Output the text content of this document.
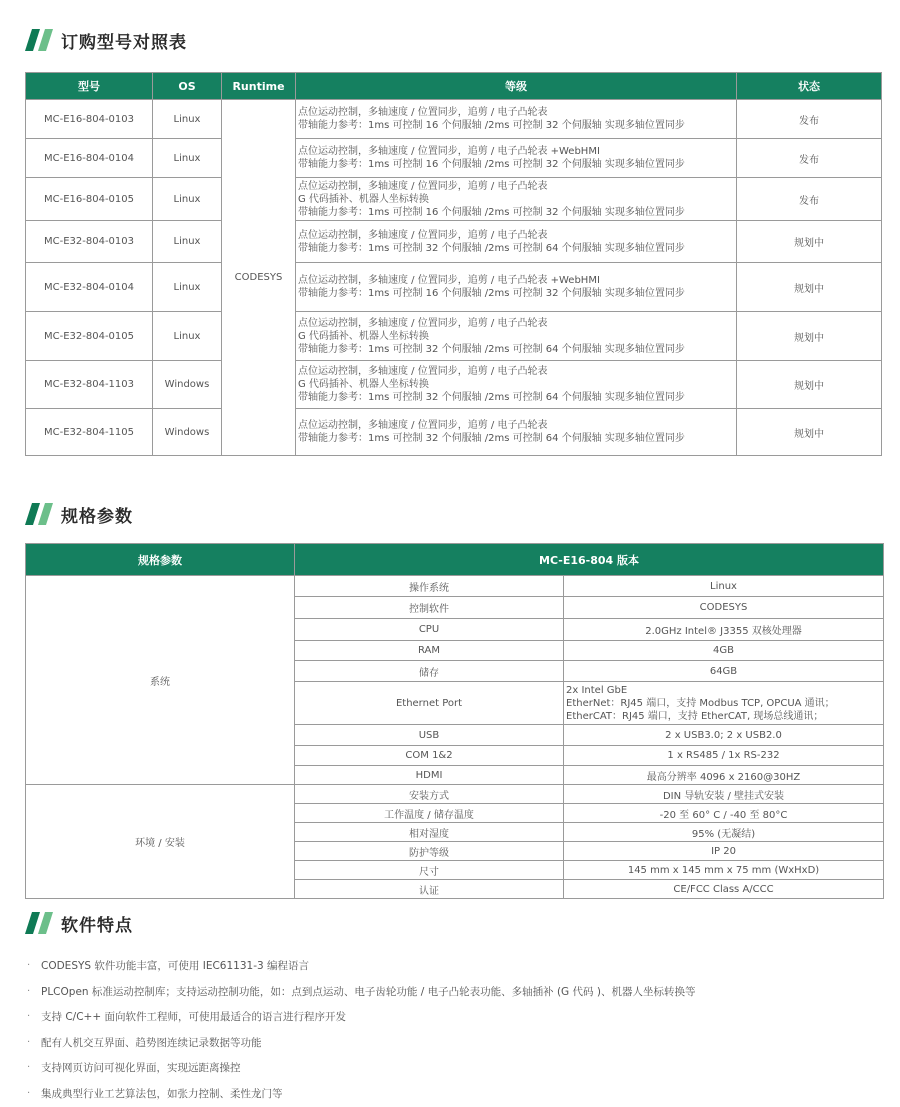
订购型号对照表
型号	OS	Runtime	等级	状态
MC-E16-804-0103	Linux	CODESYS	点位运动控制，多轴速度 / 位置同步，追剪 / 电子凸轮表
带轴能力参考：1ms 可控制 16 个伺服轴 /2ms 可控制 32 个伺服轴 实现多轴位置同步	发布
MC-E16-804-0104	Linux		点位运动控制，多轴速度 / 位置同步，追剪 / 电子凸轮表 +WebHMI
带轴能力参考：1ms 可控制 16 个伺服轴 /2ms 可控制 32 个伺服轴 实现多轴位置同步	发布
MC-E16-804-0105	Linux		点位运动控制，多轴速度 / 位置同步，追剪 / 电子凸轮表
G 代码插补、机器人坐标转换
带轴能力参考：1ms 可控制 16 个伺服轴 /2ms 可控制 32 个伺服轴 实现多轴位置同步	发布
MC-E32-804-0103	Linux		点位运动控制，多轴速度 / 位置同步，追剪 / 电子凸轮表
带轴能力参考：1ms 可控制 32 个伺服轴 /2ms 可控制 64 个伺服轴 实现多轴位置同步	规划中
MC-E32-804-0104	Linux		点位运动控制，多轴速度 / 位置同步，追剪 / 电子凸轮表 +WebHMI
带轴能力参考：1ms 可控制 16 个伺服轴 /2ms 可控制 32 个伺服轴 实现多轴位置同步	规划中
MC-E32-804-0105	Linux		点位运动控制，多轴速度 / 位置同步，追剪 / 电子凸轮表
G 代码插补、机器人坐标转换
带轴能力参考：1ms 可控制 32 个伺服轴 /2ms 可控制 64 个伺服轴 实现多轴位置同步	规划中
MC-E32-804-1103	Windows		点位运动控制，多轴速度 / 位置同步，追剪 / 电子凸轮表
G 代码插补、机器人坐标转换
带轴能力参考：1ms 可控制 32 个伺服轴 /2ms 可控制 64 个伺服轴 实现多轴位置同步	规划中
MC-E32-804-1105	Windows		点位运动控制，多轴速度 / 位置同步，追剪 / 电子凸轮表
带轴能力参考：1ms 可控制 32 个伺服轴 /2ms 可控制 64 个伺服轴 实现多轴位置同步	规划中
规格参数
规格参数	MC-E16-804 版本	
系统	操作系统	Linux

	控制软件	CODESYS

	CPU	2.0GHz Intel® J3355 双核处理器

	RAM	4GB

	储存	64GB

	Ethernet Port	2x Intel GbE
EtherNet：RJ45 端口，支持 Modbus TCP, OPCUA 通讯；
EtherCAT：RJ45 端口，支持 EtherCAT, 现场总线通讯；

	USB	2 x USB3.0; 2 x USB2.0

	COM 1&2	1 x RS485 / 1x RS-232

	HDMI	最高分辨率 4096 x 2160@30HZ

环境 / 安装	安装方式	DIN 导轨安装 / 壁挂式安装

	工作温度 / 储存温度	-20 至 60° C / -40 至 80°C

	相对湿度	95% (无凝结)

	防护等级	IP 20

	尺寸	145 mm x 145 mm x 75 mm (WxHxD)

	认证	CE/FCC Class A/CCC
软件特点
·	CODESYS 软件功能丰富，可使用 IEC61131-3 编程语言
·	PLCOpen 标准运动控制库；支持运动控制功能，如：点到点运动、电子齿轮功能 / 电子凸轮表功能、多轴插补 (G 代码 )、机器人坐标转换等
·	支持 C/C++ 面向软件工程师，可使用最适合的语言进行程序开发
·	配有人机交互界面、趋势图连续记录数据等功能
·	支持网页访问可视化界面，实现远距离操控
·	集成典型行业工艺算法包，如张力控制、柔性龙门等
